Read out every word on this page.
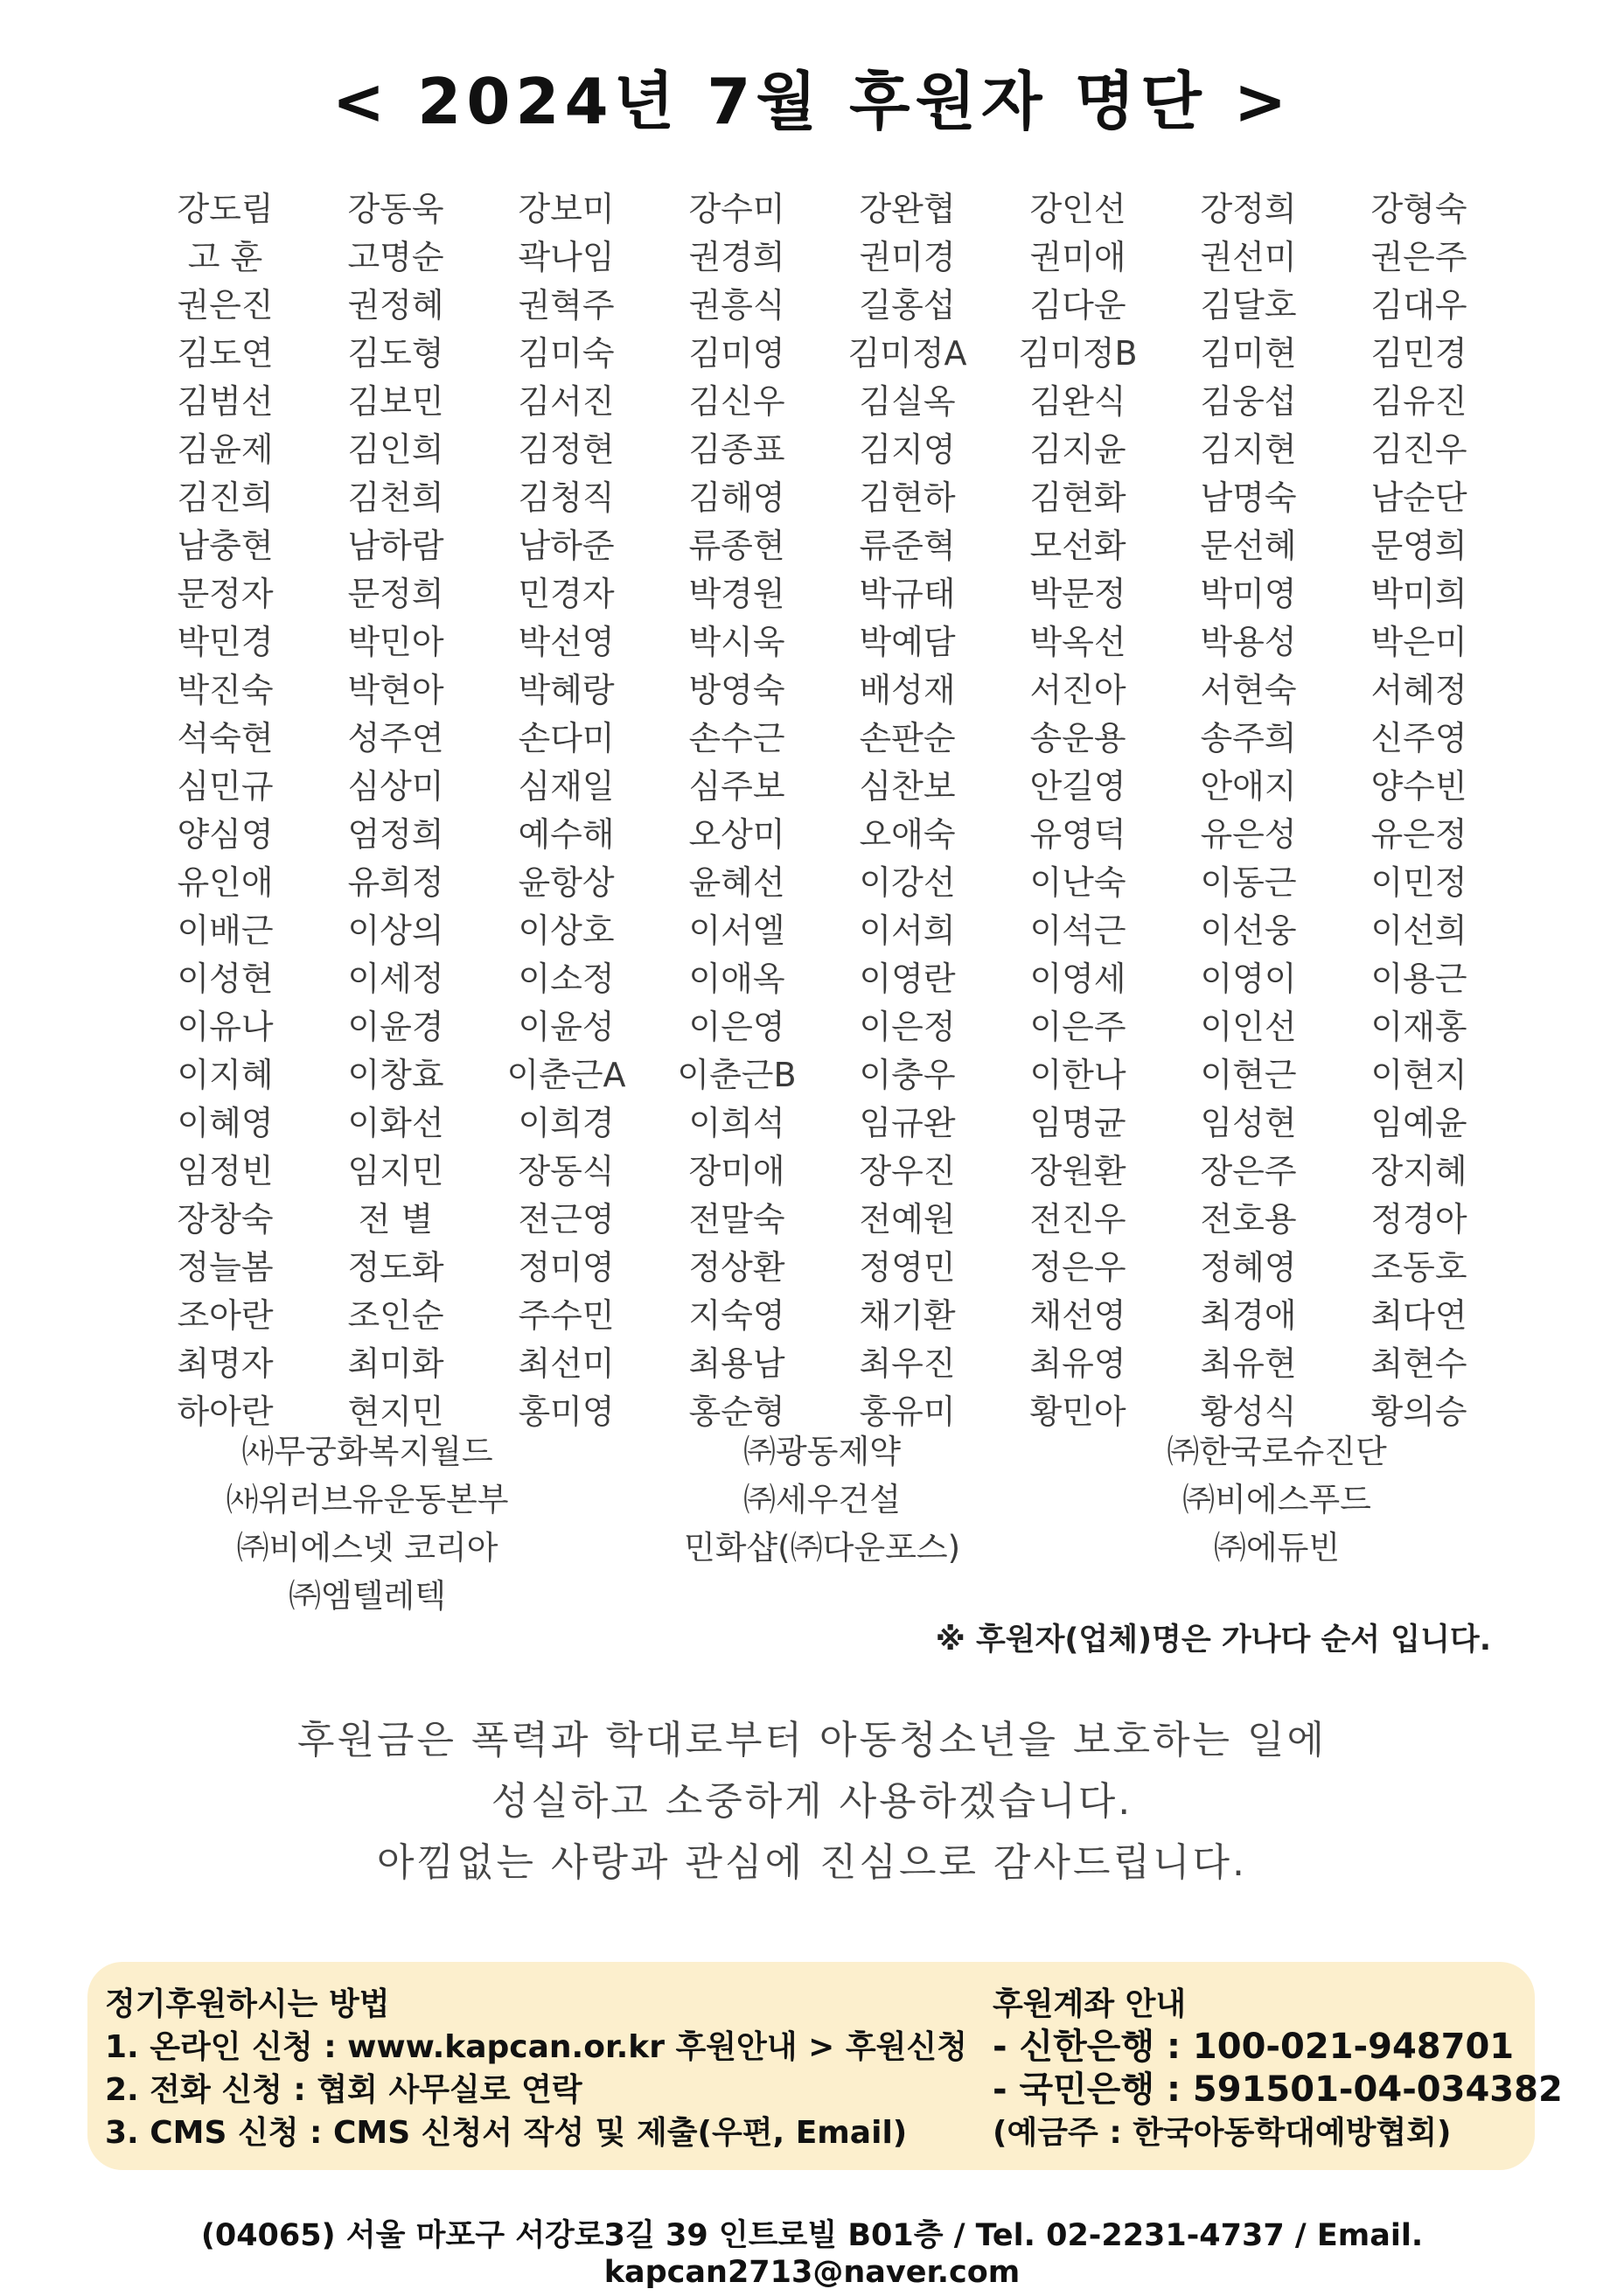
< 2024년 7월 후원자 명단 >
강도림	강동욱	강보미	강수미	강완협	강인선	강정희	강형숙
고 훈	고명순	곽나임	권경희	권미경	권미애	권선미	권은주
권은진	권정혜	권혁주	권흥식	길홍섭	김다운	김달호	김대우
김도연	김도형	김미숙	김미영	김미정A	김미정B	김미현	김민경
김범선	김보민	김서진	김신우	김실옥	김완식	김웅섭	김유진
김윤제	김인희	김정현	김종표	김지영	김지윤	김지현	김진우
김진희	김천희	김청직	김해영	김현하	김현화	남명숙	남순단
남충현	남하람	남하준	류종현	류준혁	모선화	문선혜	문영희
문정자	문정희	민경자	박경원	박규태	박문정	박미영	박미희
박민경	박민아	박선영	박시욱	박예담	박옥선	박용성	박은미
박진숙	박현아	박혜랑	방영숙	배성재	서진아	서현숙	서혜정
석숙현	성주연	손다미	손수근	손판순	송운용	송주희	신주영
심민규	심상미	심재일	심주보	심찬보	안길영	안애지	양수빈
양심영	엄정희	예수해	오상미	오애숙	유영덕	유은성	유은정
유인애	유희정	윤항상	윤혜선	이강선	이난숙	이동근	이민정
이배근	이상의	이상호	이서엘	이서희	이석근	이선웅	이선희
이성현	이세정	이소정	이애옥	이영란	이영세	이영이	이용근
이유나	이윤경	이윤성	이은영	이은정	이은주	이인선	이재홍
이지혜	이창효	이춘근A	이춘근B	이충우	이한나	이현근	이현지
이혜영	이화선	이희경	이희석	임규완	임명균	임성현	임예윤
임정빈	임지민	장동식	장미애	장우진	장원환	장은주	장지혜
장창숙	전 별	전근영	전말숙	전예원	전진우	전호용	정경아
정늘봄	정도화	정미영	정상환	정영민	정은우	정혜영	조동호
조아란	조인순	주수민	지숙영	채기환	채선영	최경애	최다연
최명자	최미화	최선미	최용남	최우진	최유영	최유현	최현수
하아란	현지민	홍미영	홍순형	홍유미	황민아	황성식	황의승
㈔무궁화복지월드	㈜광동제약	㈜한국로슈진단
㈔위러브유운동본부	㈜세우건설	㈜비에스푸드
㈜비에스넷 코리아	민화샵(㈜다운포스)	㈜에듀빈
㈜엠텔레텍
※ 후원자(업체)명은 가나다 순서 입니다.
후원금은 폭력과 학대로부터 아동청소년을 보호하는 일에
성실하고 소중하게 사용하겠습니다.
아낌없는 사랑과 관심에 진심으로 감사드립니다.
정기후원하시는 방법
1. 온라인 신청 : www.kapcan.or.kr 후원안내 > 후원신청
2. 전화 신청 : 협회 사무실로 연락
3. CMS 신청 : CMS 신청서 작성 및 제출(우편, Email)
후원계좌 안내
- 신한은행 : 100-021-948701
- 국민은행 : 591501-04-034382
(예금주 : 한국아동학대예방협회)
(04065) 서울 마포구 서강로3길 39 인트로빌 B01층 / Tel. 02-2231-4737 / Email. kapcan2713@naver.com
